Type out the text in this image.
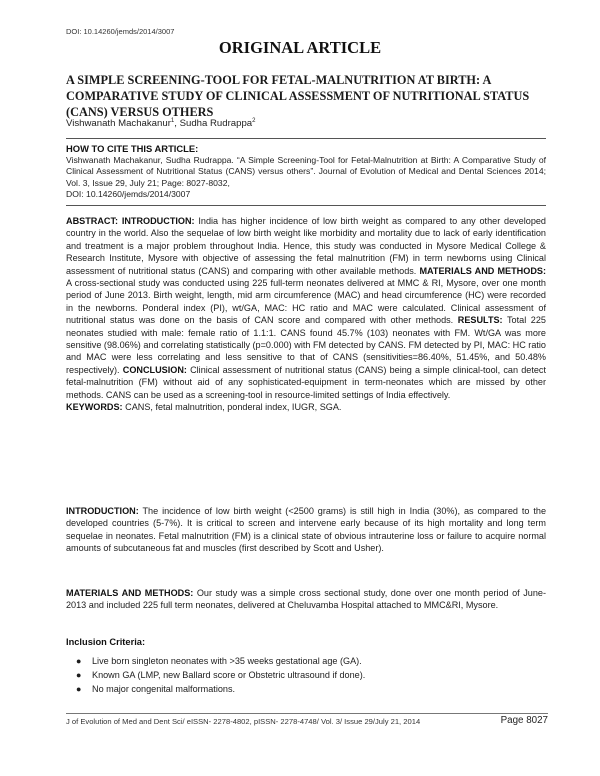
DOI: 10.14260/jemds/2014/3007
ORIGINAL ARTICLE
A SIMPLE SCREENING-TOOL FOR FETAL-MALNUTRITION AT BIRTH: A COMPARATIVE STUDY OF CLINICAL ASSESSMENT OF NUTRITIONAL STATUS (CANS) VERSUS OTHERS
Vishwanath Machakanur$^1$, Sudha Rudrappa$^2$
HOW TO CITE THIS ARTICLE:
Vishwanath Machakanur, Sudha Rudrappa. “A Simple Screening-Tool for Fetal-Malnutrition at Birth: A Comparative Study of Clinical Assessment of Nutritional Status (CANS) versus others”. Journal of Evolution of Medical and Dental Sciences 2014; Vol. 3, Issue 29, July 21; Page: 8027-8032,
DOI: 10.14260/jemds/2014/3007
ABSTRACT: INTRODUCTION: India has higher incidence of low birth weight as compared to any other developed country in the world. Also the sequelae of low birth weight like morbidity and mortality due to lack of early identification and treatment is a major problem throughout India. Hence, this study was conducted in Mysore Medical College & Research Institute, Mysore with objective of assessing the fetal malnutrition (FM) in term newborns using Clinical assessment of nutritional status (CANS) and comparing with other available methods. MATERIALS AND METHODS: A cross-sectional study was conducted using 225 full-term neonates delivered at MMC & RI, Mysore, over one month period of June 2013. Birth weight, length, mid arm circumference (MAC) and head circumference (HC) were recorded in the newborns. Ponderal index (PI), wt/GA, MAC: HC ratio and MAC were calculated. Clinical assessment of nutritional status was done on the basis of CAN score and compared with other methods. RESULTS: Total 225 neonates studied with male: female ratio of 1.1:1. CANS found 45.7% (103) neonates with FM. Wt/GA was more sensitive (98.06%) and correlating statistically (p=0.000) with FM detected by CANS. FM detected by PI, MAC: HC ratio and MAC were less correlating and less sensitive to that of CANS (sensitivities=86.40%, 51.45%, and 50.48% respectively). CONCLUSION: Clinical assessment of nutritional status (CANS) being a simple clinical-tool, can detect fetal-malnutrition (FM) without aid of any sophisticated-equipment in term-neonates which are missed by other methods. CANS can be used as a screening-tool in resource-limited settings of India effectively.
KEYWORDS: CANS, fetal malnutrition, ponderal index, IUGR, SGA.
INTRODUCTION: The incidence of low birth weight (<2500 grams) is still high in India (30%), as compared to the developed countries (5-7%). It is critical to screen and intervene early because of its high mortality and long term sequelae in neonates. Fetal malnutrition (FM) is a clinical state of obvious intrauterine loss or failure to acquire normal amounts of subcutaneous fat and muscles (first described by Scott and Usher).
MATERIALS AND METHODS: Our study was a simple cross sectional study, done over one month period of June-2013 and included 225 full term neonates, delivered at Cheluvamba Hospital attached to MMC&RI, Mysore.
Inclusion Criteria:
● Live born singleton neonates with >35 weeks gestational age (GA).
● Known GA (LMP, new Ballard score or Obstetric ultrasound if done).
● No major congenital malformations.
J of Evolution of Med and Dent Sci/ eISSN- 2278-4802, pISSN- 2278-4748/ Vol. 3/ Issue 29/July 21, 2014	Page 8027
